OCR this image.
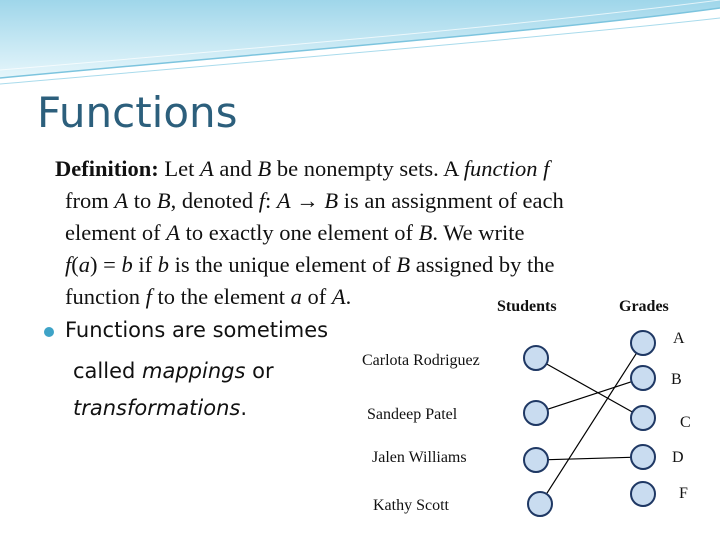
Functions
Definition: Let A and B be nonempty sets. A function f
from A to B, denoted f: A → B is an assignment of each
element of A to exactly one element of B. We write
f(a) = b if b is the unique element of B assigned by the
function f to the element a of A.
Functions are sometimes
called mappings or
transformations.
Students	Grades
Carlota Rodriguez
Sandeep Patel
Jalen Williams
Kathy Scott
A
B
C
D
F
